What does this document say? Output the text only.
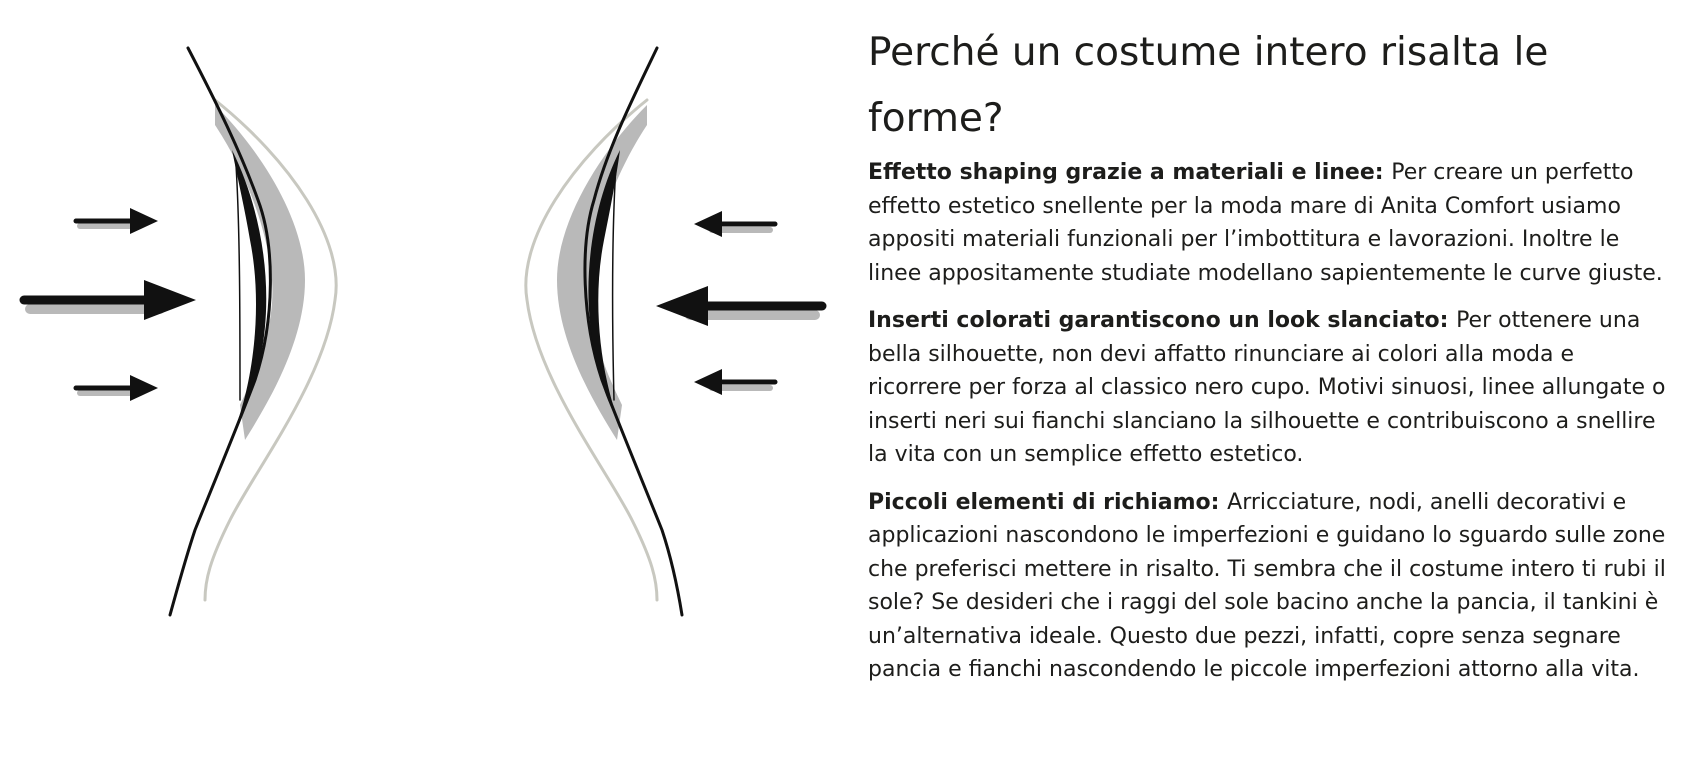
Perché un costume intero risalta le forme?

Effetto shaping grazie a materiali e linee: Per creare un perfetto effetto estetico snellente per la moda mare di Anita Comfort usiamo appositi materiali funzionali per l’imbottitura e lavorazioni. Inoltre le linee appositamente studiate modellano sapientemente le curve giuste.

Inserti colorati garantiscono un look slanciato: Per ottenere una bella silhouette, non devi affatto rinunciare ai colori alla moda e ricorrere per forza al classico nero cupo. Motivi sinuosi, linee allungate o inserti neri sui fianchi slanciano la silhouette e contribuiscono a snellire la vita con un semplice effetto estetico.

Piccoli elementi di richiamo: Arricciature, nodi, anelli decorativi e applicazioni nascondono le imperfezioni e guidano lo sguardo sulle zone che preferisci mettere in risalto. Ti sembra che il costume intero ti rubi il sole? Se desideri che i raggi del sole bacino anche la pancia, il tankini è un’alternativa ideale. Questo due pezzi, infatti, copre senza segnare pancia e fianchi nascondendo le piccole imperfezioni attorno alla vita.
